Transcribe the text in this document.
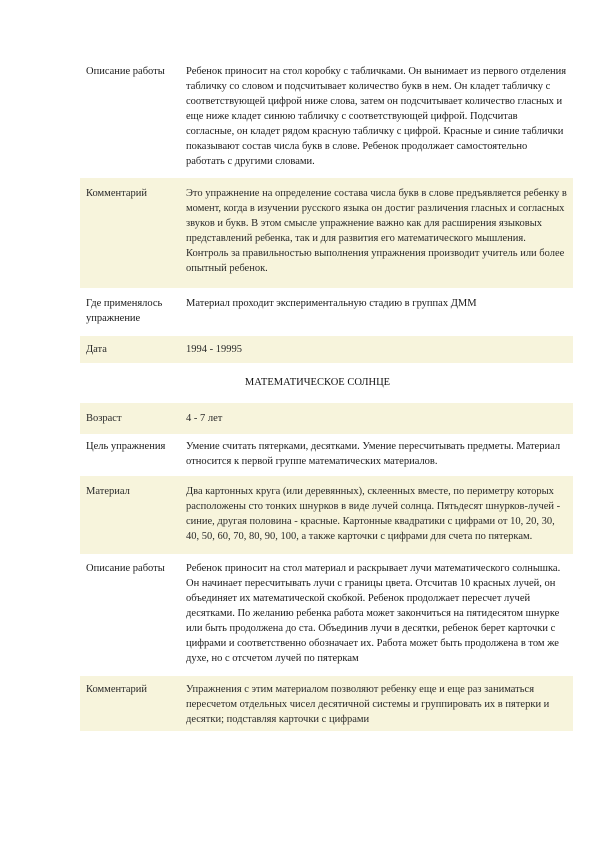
Описание работы	Ребенок приносит на стол коробку с табличками. Он вынимает из первого отделения табличку со словом и подсчитывает количество букв в нем. Он кладет табличку с соответствующей цифрой ниже слова, затем он подсчитывает количество гласных и еще ниже кладет синюю табличку с соответствующей цифрой. Подсчитав согласные, он кладет рядом красную табличку с цифрой. Красные и синие таблички показывают состав числа букв в слове. Ребенок продолжает самостоятельно работать с другими словами.
Комментарий	Это упражнение на определение состава числа букв в слове предъявляется ребенку в момент, когда в изучении русского языка он достиг различения гласных и согласных звуков и букв. В этом смысле упражнение важно как для расширения языковых представлений ребенка, так и для развития его математического мышления. Контроль за правильностью выполнения упражнения производит учитель или более опытный ребенок.
Где применялось упражнение	Материал проходит экспериментальную стадию в группах ДММ
Дата	1994 - 19995
МАТЕМАТИЧЕСКОЕ СОЛНЦЕ
Возраст	4 - 7 лет
Цель упражнения	Умение считать пятерками, десятками. Умение пересчитывать предметы. Материал относится к первой группе математических материалов.
Материал	Два картонных круга (или деревянных), склеенных вместе, по периметру которых расположены сто тонких шнурков в виде лучей солнца. Пятьдесят шнурков-лучей - синие, другая половина - красные. Картонные квадратики с цифрами от 10, 20, 30, 40, 50, 60, 70, 80, 90, 100, а также карточки с цифрами для счета по пятеркам.
Описание работы	Ребенок приносит на стол материал и раскрывает лучи математического солнышка. Он начинает пересчитывать лучи с границы цвета. Отсчитав 10 красных лучей, он объединяет их математической скобкой. Ребенок продолжает пересчет лучей десятками. По желанию ребенка работа может закончиться на пятидесятом шнурке или быть продолжена до ста. Объединив лучи в десятки, ребенок берет карточки с цифрами и соответственно обозначает их. Работа может быть продолжена в том же духе, но с отсчетом лучей по пятеркам
Комментарий	Упражнения с этим материалом позволяют ребенку еще и еще раз заниматься пересчетом отдельных чисел десятичной системы и группировать их в пятерки и десятки; подставляя карточки с цифрами
